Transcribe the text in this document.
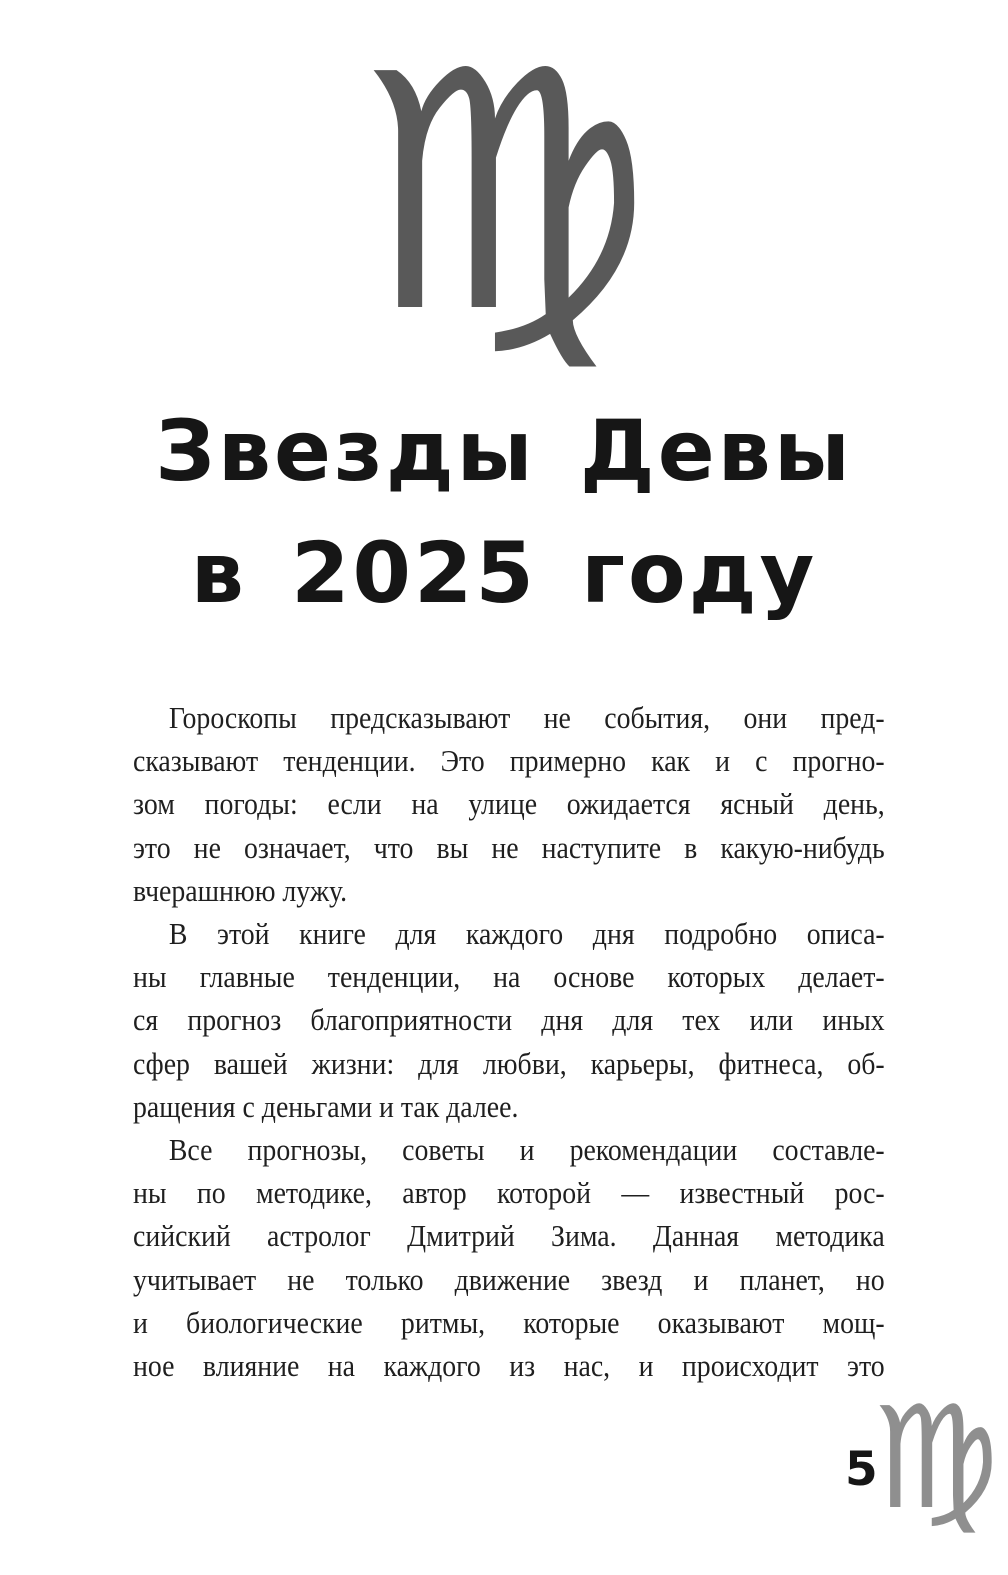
♍
Звезды Девы
в 2025 году
Гороскопы предсказывают не события, они пред-
сказывают тенденции. Это примерно как и с прогно-
зом погоды: если на улице ожидается ясный день,
это не означает, что вы не наступите в какую-нибудь
вчерашнюю лужу.
В этой книге для каждого дня подробно описа-
ны главные тенденции, на основе которых делает-
ся прогноз благоприятности дня для тех или иных
сфер вашей жизни: для любви, карьеры, фитнеса, об-
ращения с деньгами и так далее.
Все прогнозы, советы и рекомендации составле-
ны по методике, автор которой — известный рос-
сийский астролог Дмитрий Зима. Данная методика
учитывает не только движение звезд и планет, но
и биологические ритмы, которые оказывают мощ-
ное влияние на каждого из нас, и происходит это
5
♍
